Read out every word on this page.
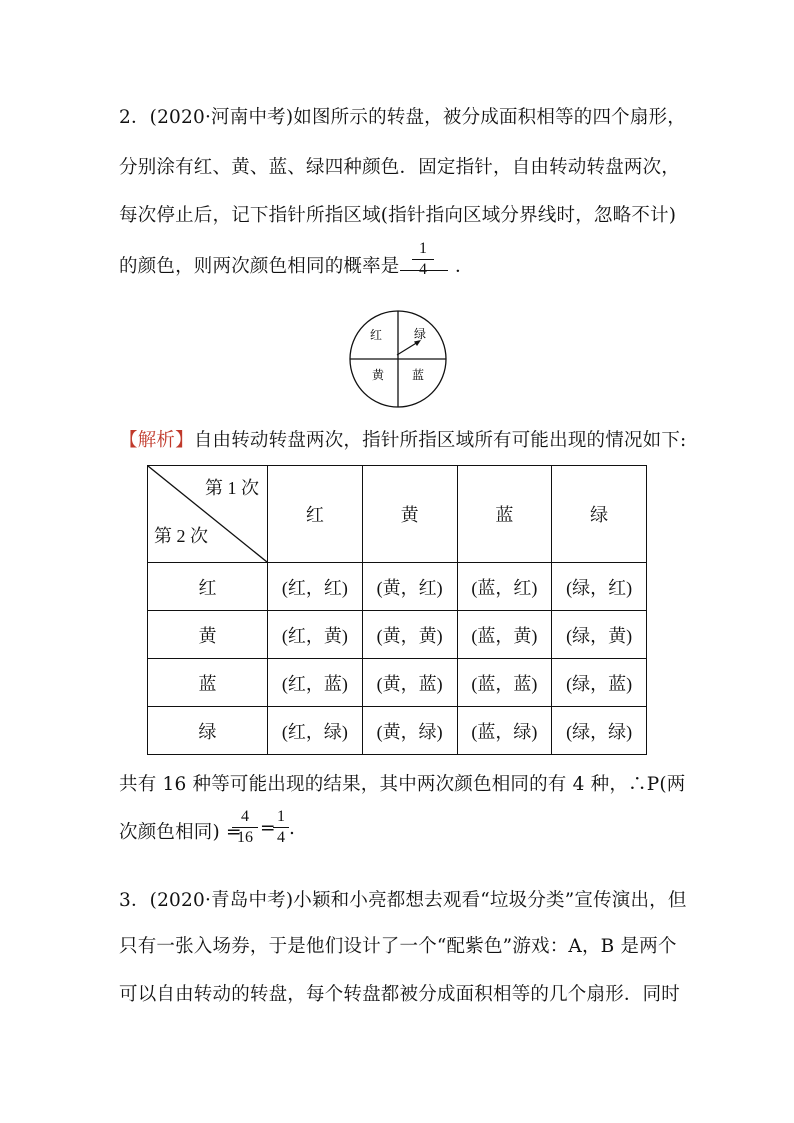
2．(2020·河南中考)如图所示的转盘，被分成面积相等的四个扇形，
分别涂有红、黄、蓝、绿四种颜色．固定指针，自由转动转盘两次，
每次停止后，记下指针所指区域(指针指向区域分界线时，忽略不计)
的颜色，则两次颜色相同的概率是
1
4	．
红	绿
黄 蓝
【解析】自由转动转盘两次，指针所指区域所有可能出现的情况如下:
第 1 次
第 2 次	红	黄	蓝	绿
红	(红，红)	(黄，红)	(蓝，红)	(绿，红)
黄	(红，黄)	(黄，黄)	(蓝，黄)	(绿，黄)
蓝	(红，蓝)	(黄，蓝)	(蓝，蓝)	(绿，蓝)
绿	(红，绿)	(黄，绿)	(蓝，绿)	(绿，绿)
共有 16 种等可能出现的结果，其中两次颜色相同的有 4 种，∴P(两
次颜色相同) =
4
16 =
1
4 .
3．(2020·青岛中考)小颖和小亮都想去观看“垃圾分类”宣传演出，但
只有一张入场券，于是他们设计了一个“配紫色”游戏：A，B 是两个
可以自由转动的转盘，每个转盘都被分成面积相等的几个扇形．同时
